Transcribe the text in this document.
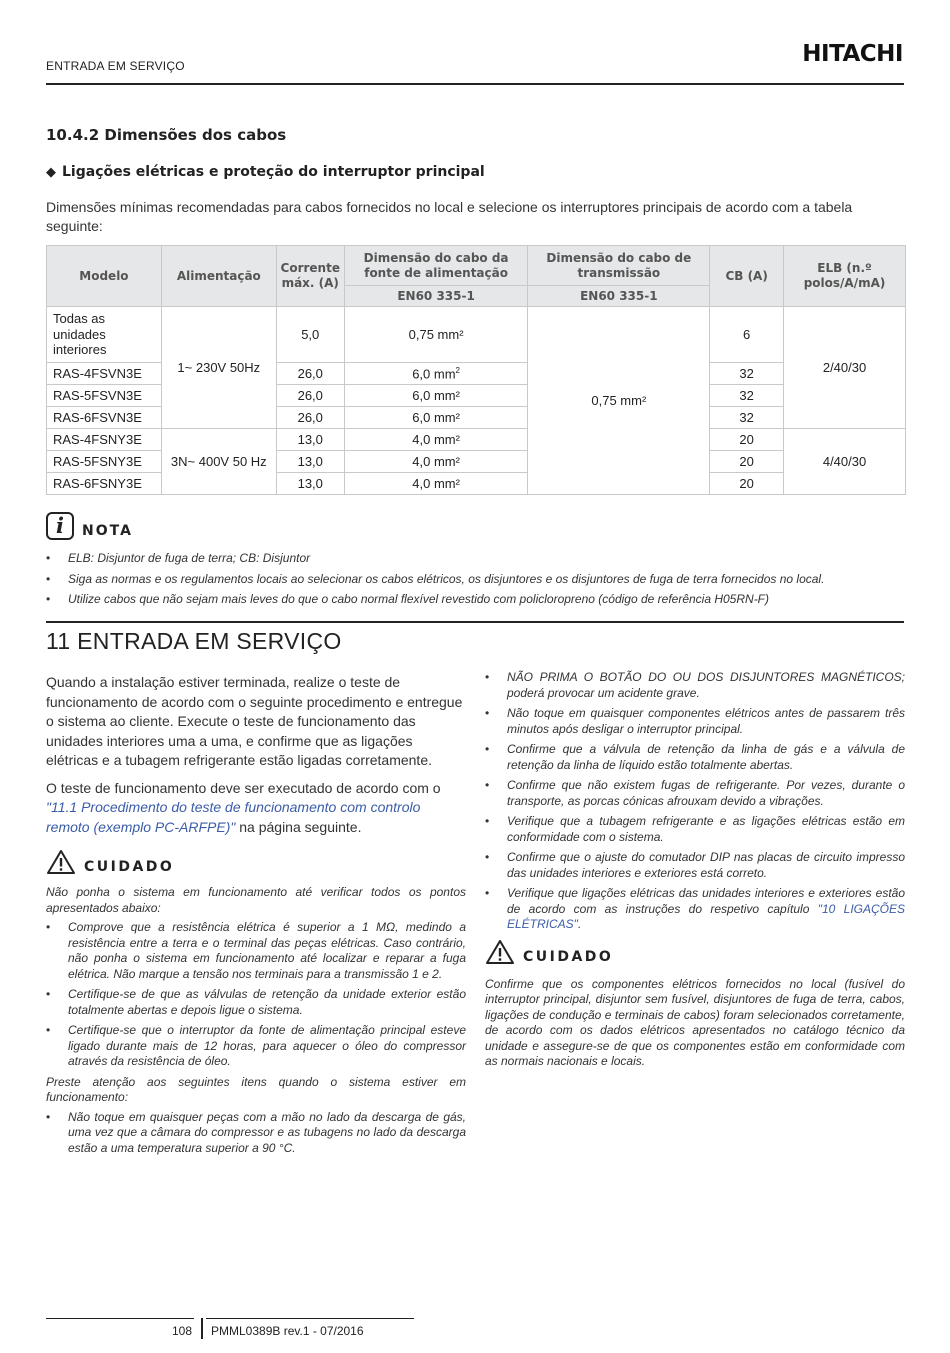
ENTRADA EM SERVIÇO	HITACHI
10.4.2 Dimensões dos cabos
◆ Ligações elétricas e proteção do interruptor principal
Dimensões mínimas recomendadas para cabos fornecidos no local e selecione os interruptores principais de acordo com a tabela seguinte:
Modelo	Alimentação	Corrente máx. (A)	Dimensão do cabo da fonte de alimentação	Dimensão do cabo de transmissão	CB (A)	ELB (n.º polos/A/mA)
			EN60 335-1	EN60 335-1		
Todas as unidades interiores	1~ 230V 50Hz	5,0	0,75 mm²	0,75 mm²	6	2/40/30
RAS-4FSVN3E		26,0	6,0 $mm^2$		32	
RAS-5FSVN3E		26,0	6,0 mm²		32	
RAS-6FSVN3E		26,0	6,0 mm²		32	
RAS-4FSNY3E	3N~ 400V 50 Hz	13,0	4,0 mm²		20	4/40/30
RAS-5FSNY3E		13,0	4,0 mm²		20	
RAS-6FSNY3E		13,0	4,0 mm²		20	
i	NOTA
• ELB: Disjuntor de fuga de terra; CB: Disjuntor
• Siga as normas e os regulamentos locais ao selecionar os cabos elétricos, os disjuntores e os disjuntores de fuga de terra fornecidos no local.
• Utilize cabos que não sejam mais leves do que o cabo normal flexível revestido com policloropreno (código de referência H05RN-F)
11 ENTRADA EM SERVIÇO

Quando a instalação estiver terminada, realize o teste de funcionamento de acordo com o seguinte procedimento e entregue o sistema ao cliente. Execute o teste de funcionamento das unidades interiores uma a uma, e confirme que as ligações elétricas e a tubagem refrigerante estão ligadas corretamente.

O teste de funcionamento deve ser executado de acordo com o "11.1 Procedimento do teste de funcionamento com controlo remoto (exemplo PC-ARFPE)" na página seguinte.

CUIDADO

Não ponha o sistema em funcionamento até verificar todos os pontos apresentados abaixo:

• Comprove que a resistência elétrica é superior a 1 MΩ, medindo a resistência entre a terra e o terminal das peças elétricas. Caso contrário, não ponha o sistema em funcionamento até localizar e reparar a fuga elétrica. Não marque a tensão nos terminais para a transmissão 1 e 2.
• Certifique-se de que as válvulas de retenção da unidade exterior estão totalmente abertas e depois ligue o sistema.
• Certifique-se que o interruptor da fonte de alimentação principal esteve ligado durante mais de 12 horas, para aquecer o óleo do compressor através da resistência de óleo.

Preste atenção aos seguintes itens quando o sistema estiver em funcionamento:

• Não toque em quaisquer peças com a mão no lado da descarga de gás, uma vez que a câmara do compressor e as tubagens no lado da descarga estão a uma temperatura superior a 90 °C.
• NÃO PRIMA O BOTÃO DO OU DOS DISJUNTORES MAGNÉTICOS; poderá provocar um acidente grave.
• Não toque em quaisquer componentes elétricos antes de passarem três minutos após desligar o interruptor principal.
• Confirme que a válvula de retenção da linha de gás e a válvula de retenção da linha de líquido estão totalmente abertas.
• Confirme que não existem fugas de refrigerante. Por vezes, durante o transporte, as porcas cónicas afrouxam devido a vibrações.
• Verifique que a tubagem refrigerante e as ligações elétricas estão em conformidade com o sistema.
• Confirme que o ajuste do comutador DIP nas placas de circuito impresso das unidades interiores e exteriores está correto.
• Verifique que ligações elétricas das unidades interiores e exteriores estão de acordo com as instruções do respetivo capítulo "10 LIGAÇÕES ELÉTRICAS".
CUIDADO

Confirme que os componentes elétricos fornecidos no local (fusível do interruptor principal, disjuntor sem fusível, disjuntores de fuga de terra, cabos, ligações de condução e terminais de cabos) foram selecionados corretamente, de acordo com os dados elétricos apresentados no catálogo técnico da unidade e assegure-se de que os componentes estão em conformidade com as normais nacionais e locais.

108 PMML0389B rev.1 - 07/2016
